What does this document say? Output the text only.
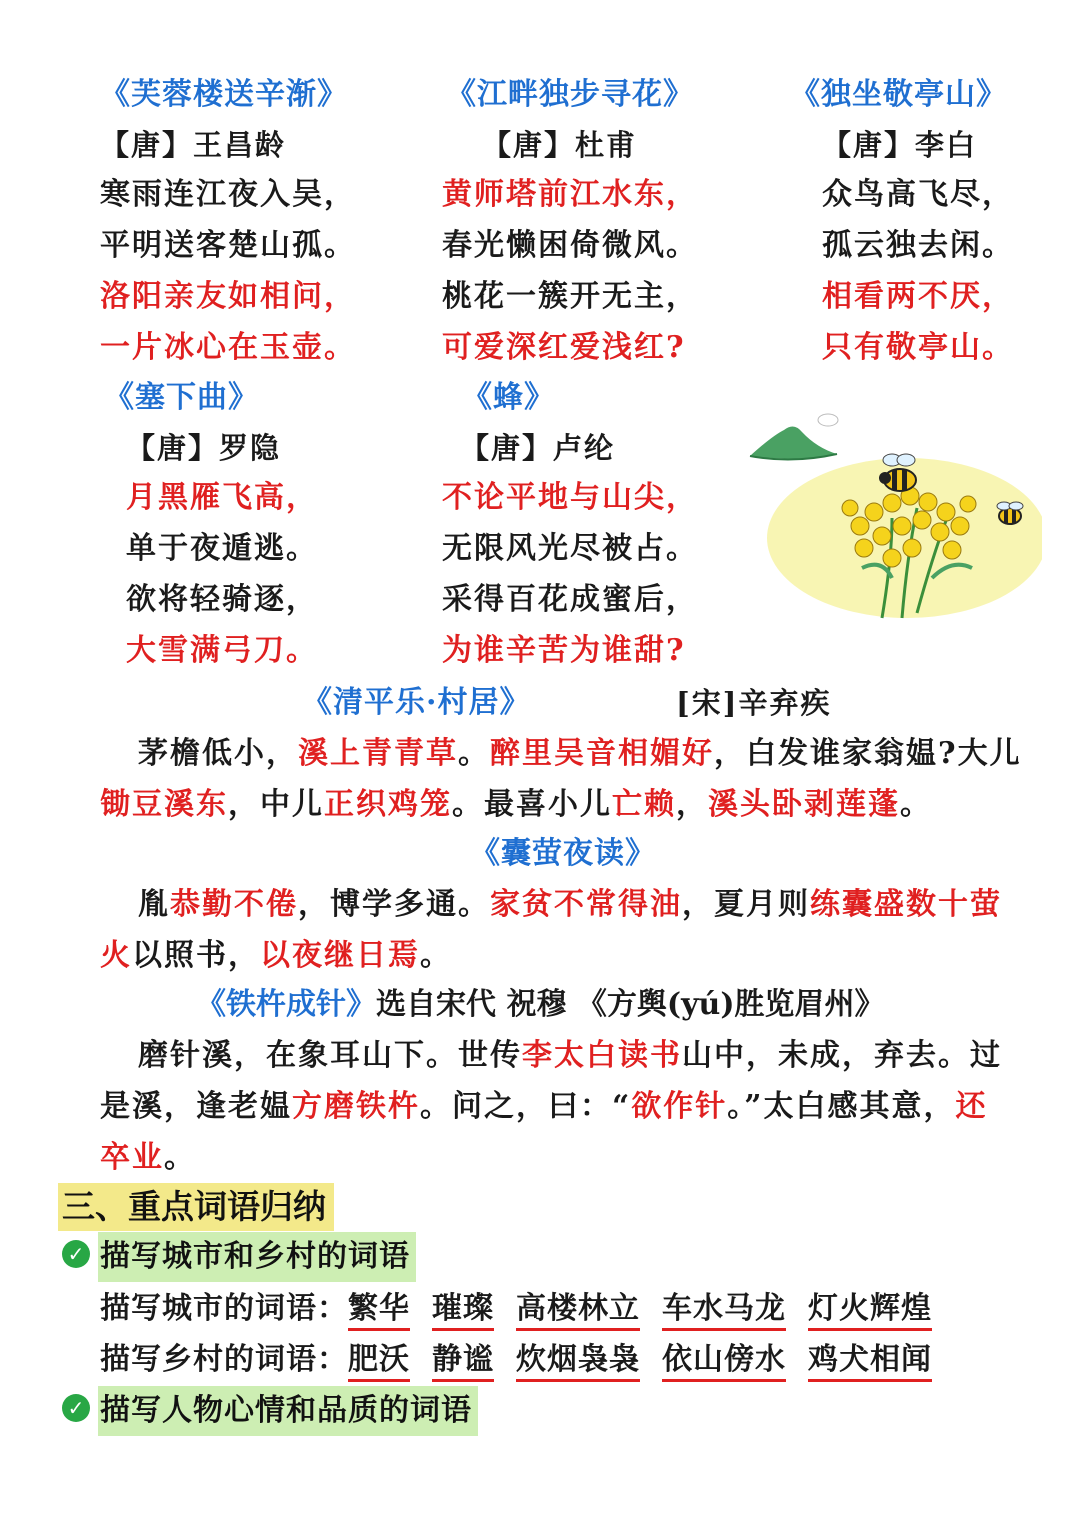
《芙蓉楼送辛渐》
【唐】王昌龄
寒雨连江夜入吴，
平明送客楚山孤。
洛阳亲友如相问，
一片冰心在玉壶。
《江畔独步寻花》
【唐】杜甫
黄师塔前江水东，
春光懒困倚微风。
桃花一簇开无主，
可爱深红爱浅红?
《独坐敬亭山》
【唐】李白
众鸟高飞尽，
孤云独去闲。
相看两不厌，
只有敬亭山。
《塞下曲》
【唐】罗隐
月黑雁飞高，
单于夜遁逃。
欲将轻骑逐，
大雪满弓刀。
《蜂》
【唐】卢纶
不论平地与山尖，
无限风光尽被占。
采得百花成蜜后，
为谁辛苦为谁甜?
《清平乐·村居》	[宋]辛弃疾
茅檐低小，溪上青青草。醉里吴音相媚好，白发谁家翁媪?大儿
锄豆溪东，中儿正织鸡笼。最喜小儿亡赖，溪头卧剥莲蓬。
《囊萤夜读》
胤恭勤不倦，博学多通。家贫不常得油，夏月则练囊盛数十萤
火以照书，以夜继日焉。
《铁杵成针》选自宋代 祝穆 《方舆(yú)胜览眉州》
磨针溪，在象耳山下。世传李太白读书山中，未成，弃去。过
是溪，逢老媪方磨铁杵。问之，曰：“欲作针。”太白感其意，还
卒业。
三、重点词语归纳
✓ 描写城市和乡村的词语
描写城市的词语：繁华 璀璨 高楼林立 车水马龙 灯火辉煌
描写乡村的词语：肥沃 静谧 炊烟袅袅 依山傍水 鸡犬相闻
✓ 描写人物心情和品质的词语
